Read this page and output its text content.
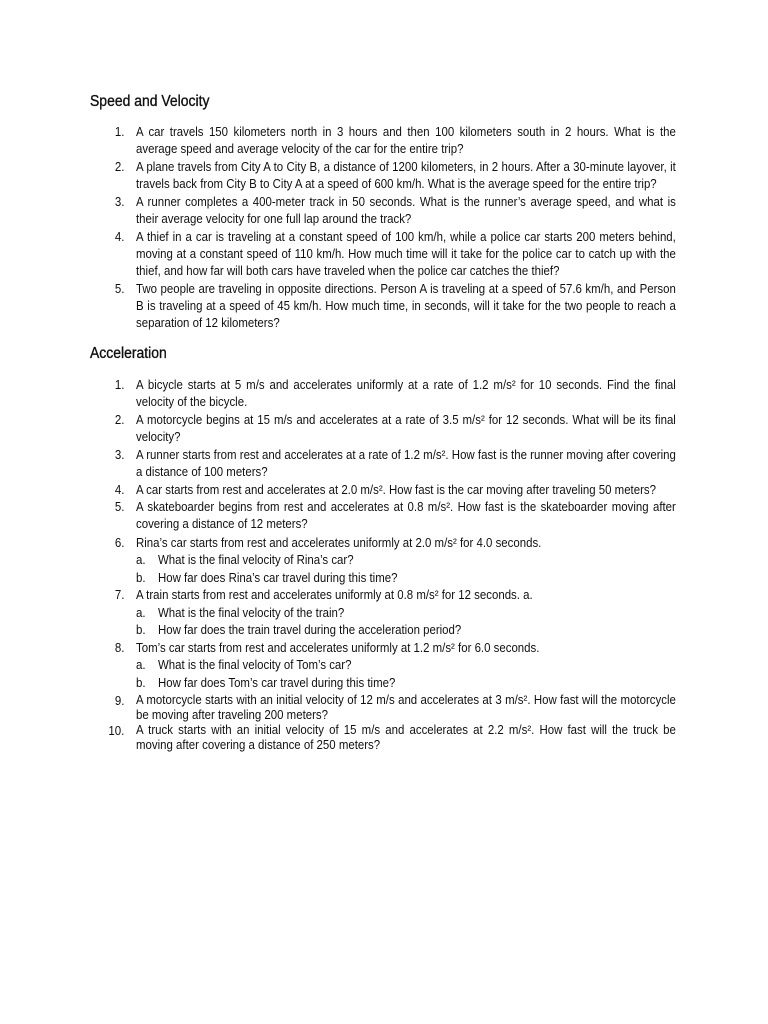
Speed and Velocity
1. A car travels 150 kilometers north in 3 hours and then 100 kilometers south in 2 hours. What is the average speed and average velocity of the car for the entire trip?
2. A plane travels from City A to City B, a distance of 1200 kilometers, in 2 hours. After a 30-minute layover, it travels back from City B to City A at a speed of 600 km/h. What is the average speed for the entire trip?
3. A runner completes a 400-meter track in 50 seconds. What is the runner’s average speed, and what is their average velocity for one full lap around the track?
4. A thief in a car is traveling at a constant speed of 100 km/h, while a police car starts 200 meters behind, moving at a constant speed of 110 km/h. How much time will it take for the police car to catch up with the thief, and how far will both cars have traveled when the police car catches the thief?
5. Two people are traveling in opposite directions. Person A is traveling at a speed of 57.6 km/h, and Person B is traveling at a speed of 45 km/h. How much time, in seconds, will it take for the two people to reach a separation of 12 kilometers?
Acceleration
1. A bicycle starts at 5 m/s and accelerates uniformly at a rate of 1.2 m/s² for 10 seconds. Find the final velocity of the bicycle.
2. A motorcycle begins at 15 m/s and accelerates at a rate of 3.5 m/s² for 12 seconds. What will be its final velocity?
3. A runner starts from rest and accelerates at a rate of 1.2 m/s². How fast is the runner moving after covering a distance of 100 meters?
4. A car starts from rest and accelerates at 2.0 m/s². How fast is the car moving after traveling 50 meters?
5. A skateboarder begins from rest and accelerates at 0.8 m/s². How fast is the skateboarder moving after covering a distance of 12 meters?
6. Rina’s car starts from rest and accelerates uniformly at 2.0 m/s² for 4.0 seconds.
a. What is the final velocity of Rina’s car?
b. How far does Rina’s car travel during this time?
7. A train starts from rest and accelerates uniformly at 0.8 m/s² for 12 seconds. a.
a. What is the final velocity of the train?
b. How far does the train travel during the acceleration period?
8. Tom’s car starts from rest and accelerates uniformly at 1.2 m/s² for 6.0 seconds.
a. What is the final velocity of Tom’s car?
b. How far does Tom’s car travel during this time?
9. A motorcycle starts with an initial velocity of 12 m/s and accelerates at 3 m/s². How fast will the motorcycle be moving after traveling 200 meters?
10. A truck starts with an initial velocity of 15 m/s and accelerates at 2.2 m/s². How fast will the truck be moving after covering a distance of 250 meters?
